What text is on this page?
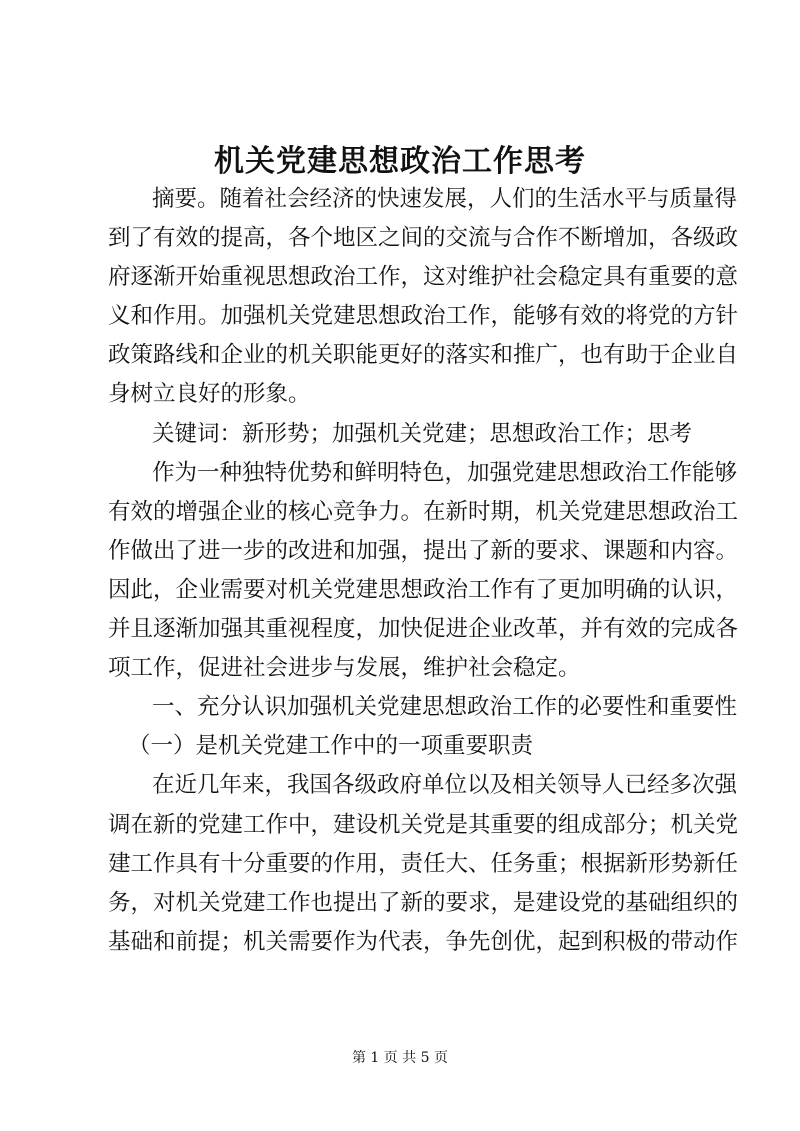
机关党建思想政治工作思考
摘要。随着社会经济的快速发展，人们的生活水平与质量得
到了有效的提高，各个地区之间的交流与合作不断增加，各级政
府逐渐开始重视思想政治工作，这对维护社会稳定具有重要的意
义和作用。加强机关党建思想政治工作，能够有效的将党的方针
政策路线和企业的机关职能更好的落实和推广，也有助于企业自
身树立良好的形象。
关键词：新形势；加强机关党建；思想政治工作；思考
作为一种独特优势和鲜明特色，加强党建思想政治工作能够
有效的增强企业的核心竞争力。在新时期，机关党建思想政治工
作做出了进一步的改进和加强，提出了新的要求、课题和内容。
因此，企业需要对机关党建思想政治工作有了更加明确的认识，
并且逐渐加强其重视程度，加快促进企业改革，并有效的完成各
项工作，促进社会进步与发展，维护社会稳定。
一、充分认识加强机关党建思想政治工作的必要性和重要性
（一）是机关党建工作中的一项重要职责
在近几年来，我国各级政府单位以及相关领导人已经多次强
调在新的党建工作中，建设机关党是其重要的组成部分；机关党
建工作具有十分重要的作用，责任大、任务重；根据新形势新任
务，对机关党建工作也提出了新的要求，是建设党的基础组织的
基础和前提；机关需要作为代表，争先创优，起到积极的带动作
第 1 页 共 5 页
